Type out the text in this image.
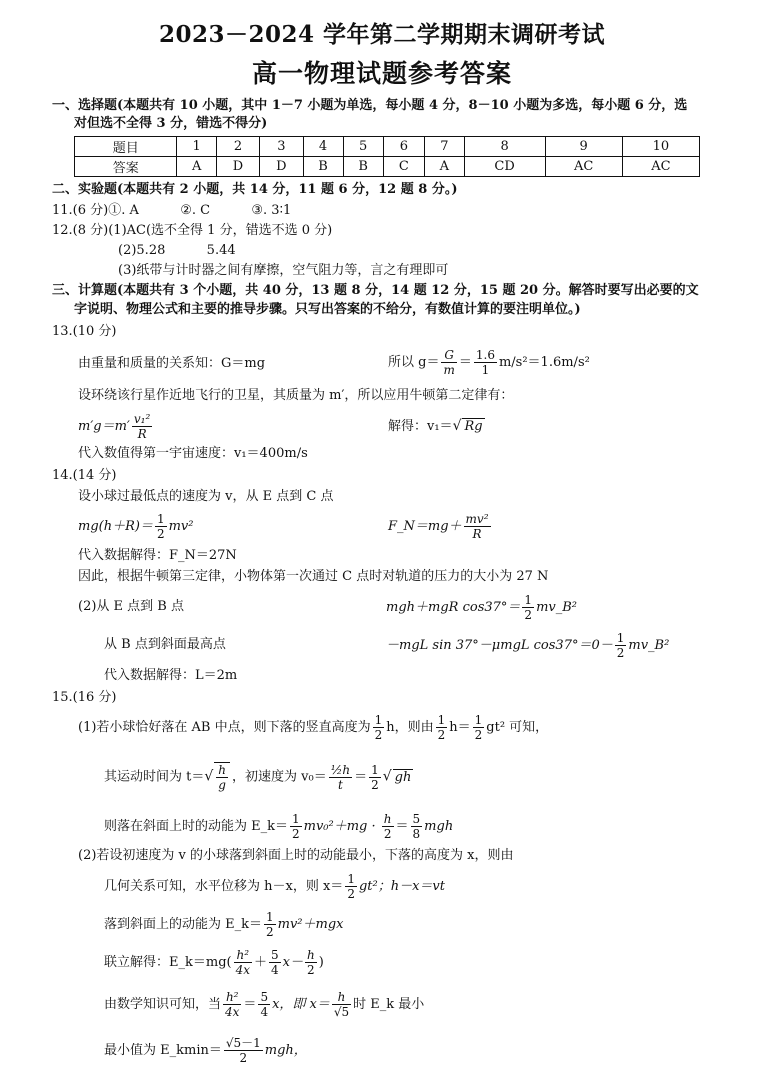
2023－2024 学年第二学期期末调研考试
高一物理试题参考答案
一、选择题(本题共有 10 小题，其中 1－7 小题为单选，每小题 4 分，8－10 小题为多选，每小题 6 分，选
对但选不全得 3 分，错选不得分)
题目	1	2	3	4	5	6	7	8	9	10
答案	A	D	D	B	B	C	A	CD	AC	AC
二、实验题(本题共有 2 小题，共 14 分，11 题 6 分，12 题 8 分。)
11.(6 分)①. A          ②. C          ③. 3∶1
12.(8 分)(1)AC(选不全得 1 分，错选不选 0 分)
(2)5.28          5.44
(3)纸带与计时器之间有摩擦，空气阻力等，言之有理即可
三、计算题(本题共有 3 个小题，共 40 分，13 题 8 分，14 题 12 分，15 题 20 分。解答时要写出必要的文
字说明、物理公式和主要的推导步骤。只写出答案的不给分，有数值计算的要注明单位。)
13.(10 分)
由重量和质量的关系知：G＝mg	所以 $g= \frac{G}{m} = \frac{1.6}{1} m/s^2=1.6m/s^2$
设环绕该行星作近地飞行的卫星，其质量为 m′，所以应用牛顿第二定律有：
$m'g=m' \frac{\text{v₁²}}{R}$	解得：v₁＝√ Rg
代入数值得第一宇宙速度：v₁＝400m/s
14.(14 分)
设小球过最低点的速度为 v，从 E 点到 C 点
$mg(h+R)= \frac{1}{2} mv^2$	F_N＝mg＋ $\frac{\text{mv²}}{R}$
代入数据解得：F_N＝27N
因此，根据牛顿第三定律，小物体第一次通过 C 点时对轨道的压力的大小为 27 N
(2)从 E 点到 B 点	mgh＋mgR $\cos 37^\circ= \frac{1}{2}$ mv_B²
从 B 点到斜面最高点	－mgL sin 37°－μmgL $\cos 37^\circ=0- \frac{1}{2}$ mv_B²
代入数据解得：L＝2m
15.(16 分)
(1)若小球恰好落在 AB 中点，则下落的竖直高度为 $\frac{1}{2}$ h，则由 $\frac{1}{2} h= \frac{1}{2} gt^2$ 可知，
其运动时间为 $t=√ \frac{h}{g}$ ，初速度为 $v_0= \frac{\text{½h}}{t} = \frac{1}{2}$ √ gh
则落在斜面上时的动能为 E_k＝ $\frac{1}{2} mv_0^2+mg \cdot \frac{h}{2} = \frac{5}{8}$ mgh
(2)若设初速度为 v 的小球落到斜面上时的动能最小，下落的高度为 x，则由
几何关系可知，水平位移为 h－x，则 $x= \frac{1}{2} gt^2$；h－x＝vt
落到斜面上的动能为 E_k＝ $\frac{1}{2} mv^2+mgx$
联立解得：E_k＝mg( $\frac{\text{h²}}{4x} + \frac{5}{4} x- \frac{h}{2}$ )
由数学知识可知，当 $\frac{\text{h²}}{4x} = \frac{5}{4}$ x，即 $x= \frac{h}{√5}$ 时 E_k 最小
最小值为 E_kmin＝ $\frac{√5-1}{2}$ mgh，
